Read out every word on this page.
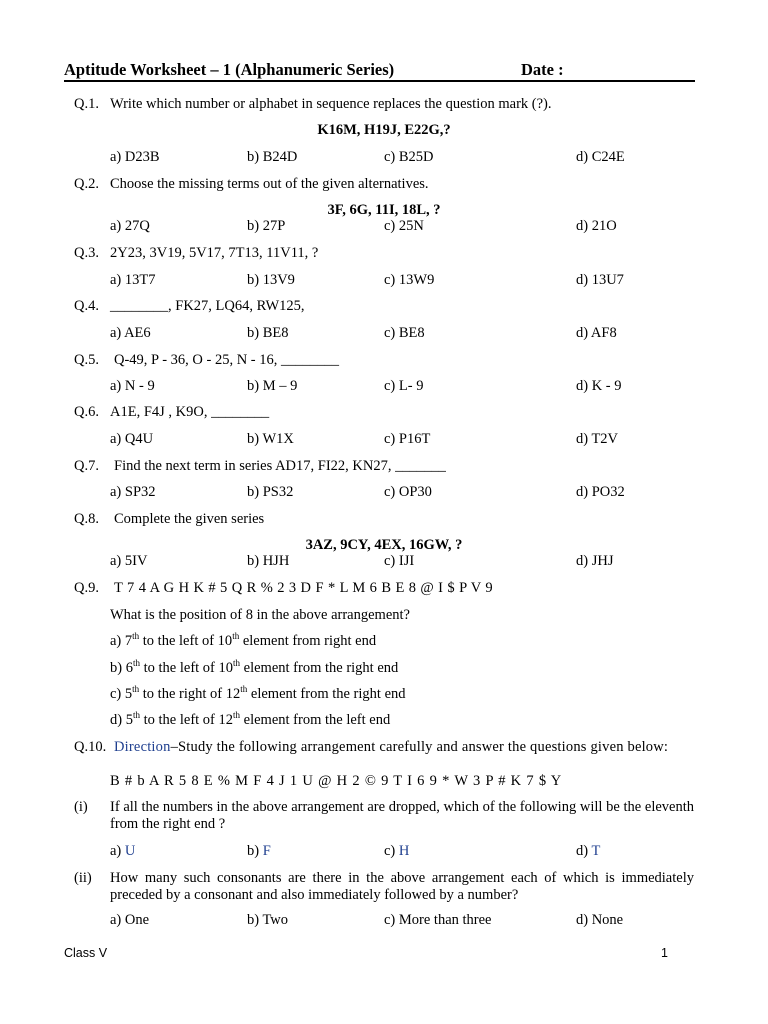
Aptitude Worksheet – 1 (Alphanumeric Series)	Date :
Q.1. Write which number or alphabet in sequence replaces the question mark (?).
K16M, H19J, E22G,?
a) D23B	b) B24D	c) B25D	d) C24E
Q.2. Choose the missing terms out of the given alternatives.
3F, 6G, 11I, 18L, ?
a) 27Q	b) 27P	c) 25N	d) 21O
Q.3. 2Y23, 3V19, 5V17, 7T13, 11V11, ?
a) 13T7	b) 13V9	c) 13W9	d) 13U7
Q.4. ________, FK27, LQ64, RW125,
a) AE6	b) BE8	c) BE8	d) AF8
Q.5. Q-49, P - 36, O - 25, N - 16, ________
a) N - 9	b) M – 9	c) L- 9	d) K - 9
Q.6. A1E, F4J , K9O, ________
a) Q4U	b) W1X	c) P16T	d) T2V
Q.7. Find the next term in series AD17, FI22, KN27, _______
a) SP32	b) PS32	c) OP30	d) PO32
Q.8. Complete the given series
3AZ, 9CY, 4EX, 16GW, ?
a) 5IV	b) HJH	c) IJI	d) JHJ
Q.9. T 7 4 A G H K # 5 Q R % 2 3 D F * L M 6 B E 8 @ I $ P V 9
What is the position of 8 in the above arrangement?
a) 7th to the left of 10th element from right end
b) 6th to the left of 10th element from the right end
c) 5th to the right of 12th element from the right end
d) 5th to the left of 12th element from the left end
Q.10. Direction–Study the following arrangement carefully and answer the questions given below:
B # b A R 5 8 E % M F 4 J 1 U @ H 2 © 9 T I 6 9 * W 3 P # K 7 $ Y
(i) If all the numbers in the above arrangement are dropped, which of the following will be the eleventh from the right end ?
a) U	b) F	c) H	d) T
(ii) How many such consonants are there in the above arrangement each of which is immediately preceded by a consonant and also immediately followed by a number?
a) One	b) Two	c) More than three	d) None
Class V	1
